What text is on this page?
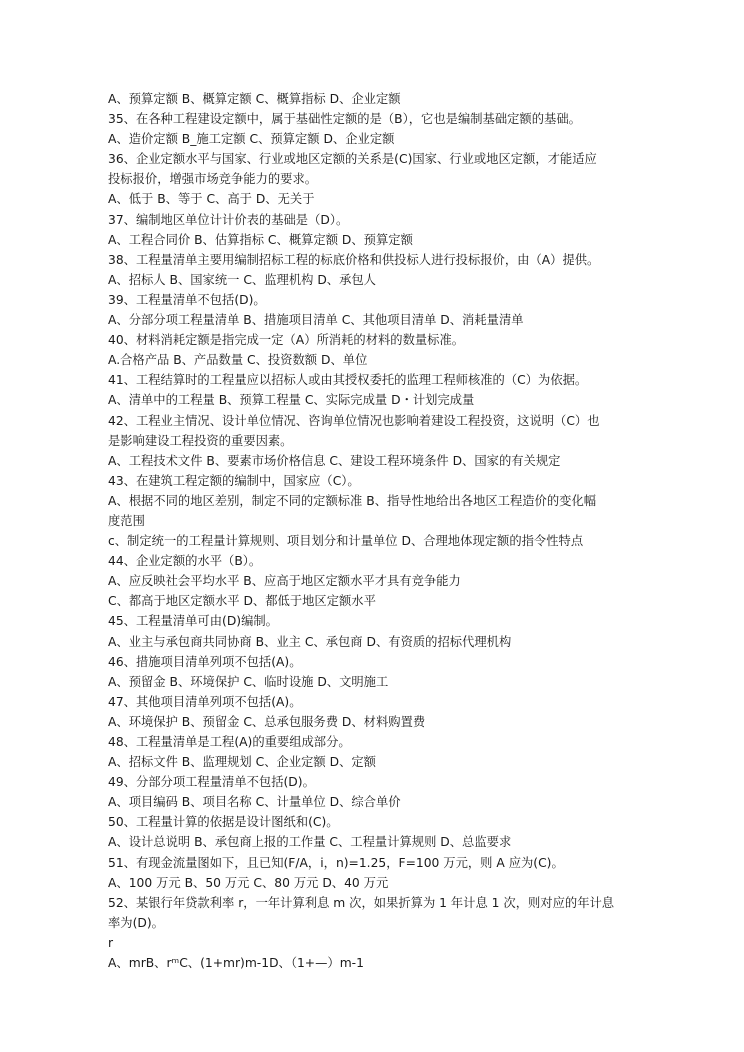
A、预算定额 B、概算定额 C、概算指标 D、企业定额
35、在各种工程建设定额中，属于基础性定额的是（B），它也是编制基础定额的基础。
A、造价定额 B_施工定额 C、预算定额 D、企业定额
36、企业定额水平与国家、行业或地区定额的关系是(C)国家、行业或地区定额，才能适应
投标报价，增强市场竞争能力的要求。
A、低于 B、等于 C、高于 D、无关于
37、编制地区单位计计价表的基础是（D）。
A、工程合同价 B、估算指标 C、概算定额 D、预算定额
38、工程量清单主要用编制招标工程的标底价格和供投标人进行投标报价，由（A）提供。
A、招标人 B、国家统一 C、监理机构 D、承包人
39、工程量清单不包括(D)。
A、分部分项工程量清单 B、措施项目清单 C、其他项目清单 D、消耗量清单
40、材料消耗定额是指完成一定（A）所消耗的材料的数量标准。
A.合格产品 B、产品数量 C、投资数额 D、单位
41、工程结算时的工程量应以招标人或由其授权委托的监理工程师核准的（C）为依据。
A、清单中的工程量 B、预算工程量 C、实际完成量 D・计划完成量
42、工程业主情况、设计单位情况、咨询单位情况也影响着建设工程投资，这说明（C）也
是影响建设工程投资的重要因素。
A、工程技术文件 B、要素市场价格信息 C、建设工程环境条件 D、国家的有关规定
43、在建筑工程定额的编制中，国家应（C）。
A、根据不同的地区差别，制定不同的定额标准 B、指导性地给出各地区工程造价的变化幅
度范围
c、制定统一的工程量计算规则、项目划分和计量单位 D、合理地体现定额的指令性特点
44、企业定额的水平（B）。
A、应反映社会平均水平 B、应高于地区定额水平才具有竞争能力
C、都高于地区定额水平 D、都低于地区定额水平
45、工程量清单可由(D)编制。
A、业主与承包商共同协商 B、业主 C、承包商 D、有资质的招标代理机构
46、措施项目清单列项不包括(A)。
A、预留金 B、环境保护 C、临时设施 D、文明施工
47、其他项目清单列项不包括(A)。
A、环境保护 B、预留金 C、总承包服务费 D、材料购置费
48、工程量清单是工程(A)的重要组成部分。
A、招标文件 B、监理规划 C、企业定额 D、定额
49、分部分项工程量清单不包括(D)。
A、项目编码 B、项目名称 C、计量单位 D、综合单价
50、工程量计算的依据是设计图纸和(C)。
A、设计总说明 B、承包商上报的工作量 C、工程量计算规则 D、总监要求
51、有现金流量图如下，且已知(F/A，i，n)=1.25，F=100 万元，则 A 应为(C)。
A、100 万元 B、50 万元 C、80 万元 D、40 万元
52、某银行年贷款利率 r，一年计算利息 m 次，如果折算为 1 年计息 1 次，则对应的年计息
率为(D)。
r
A、mrB、rᵐC、(1+mr)m-1D、（1+—）m-1
